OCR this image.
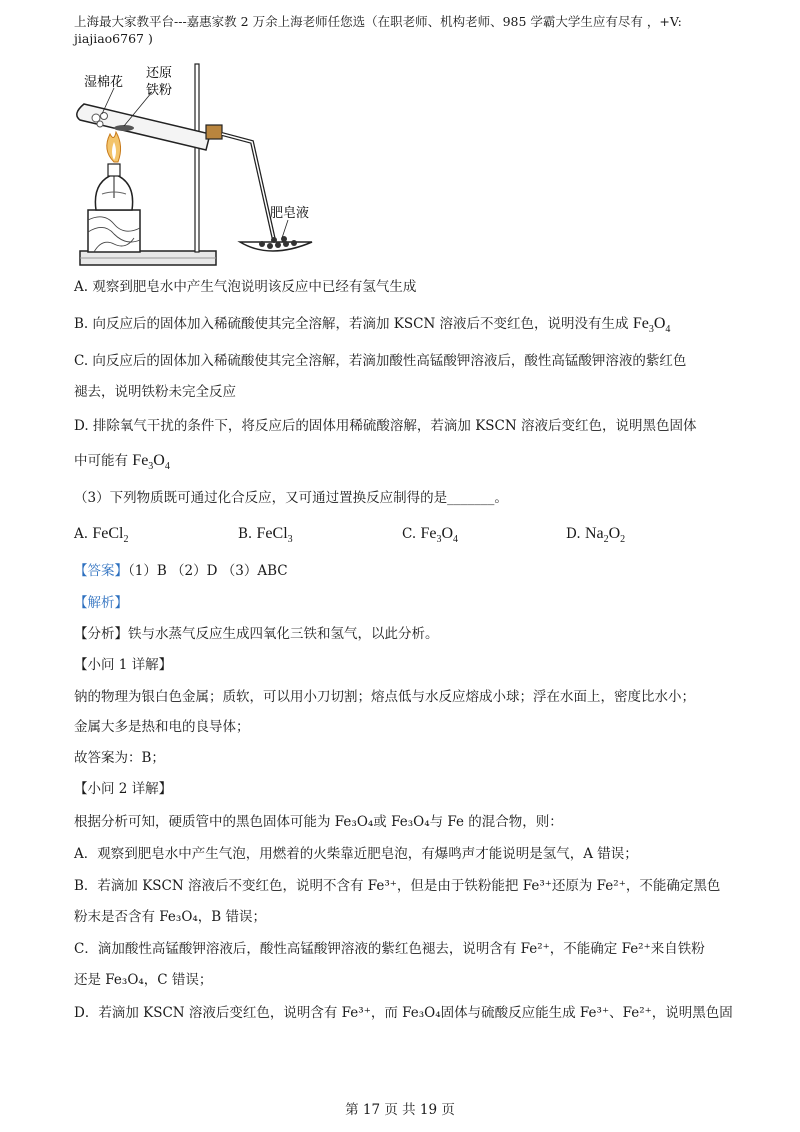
上海最大家教平台---嘉惠家教 2 万余上海老师任您选（在职老师、机构老师、985 学霸大学生应有尽有 ，+V:
jiajiao6767 )
湿棉花
还原
铁粉
肥皂液
A. 观察到肥皂水中产生气泡说明该反应中已经有氢气生成
B. 向反应后的固体加入稀硫酸使其完全溶解，若滴加 KSCN 溶液后不变红色，说明没有生成 $Fe_3O_4$
C. 向反应后的固体加入稀硫酸使其完全溶解，若滴加酸性高锰酸钾溶液后，酸性高锰酸钾溶液的紫红色
褪去，说明铁粉未完全反应
D. 排除氧气干扰的条件下，将反应后的固体用稀硫酸溶解，若滴加 KSCN 溶液后变红色，说明黑色固体
中可能有 $Fe_3O_4$
（3）下列物质既可通过化合反应，又可通过置换反应制得的是_______。
A. FeCl$_2$	B. FeCl$_3$	C. $Fe_3O_4$	D. $Na_2O_2$
【答案】（1）B （2）D （3）ABC
【解析】
【分析】铁与水蒸气反应生成四氧化三铁和氢气，以此分析。
【小问 1 详解】
钠的物理为银白色金属；质软，可以用小刀切割；熔点低与水反应熔成小球；浮在水面上，密度比水小；
金属大多是热和电的良导体；
故答案为：B；
【小问 2 详解】
根据分析可知，硬质管中的黑色固体可能为 Fe₃O₄或 Fe₃O₄与 Fe 的混合物，则：
A．观察到肥皂水中产生气泡，用燃着的火柴靠近肥皂泡，有爆鸣声才能说明是氢气，A 错误；
B．若滴加 KSCN 溶液后不变红色，说明不含有 Fe³⁺，但是由于铁粉能把 Fe³⁺还原为 Fe²⁺，不能确定黑色
粉末是否含有 Fe₃O₄，B 错误；
C．滴加酸性高锰酸钾溶液后，酸性高锰酸钾溶液的紫红色褪去，说明含有 Fe²⁺，不能确定 Fe²⁺来自铁粉
还是 Fe₃O₄，C 错误；
D．若滴加 KSCN 溶液后变红色，说明含有 Fe³⁺，而 Fe₃O₄固体与硫酸反应能生成 Fe³⁺、Fe²⁺，说明黑色固
第 17 页 共 19 页
